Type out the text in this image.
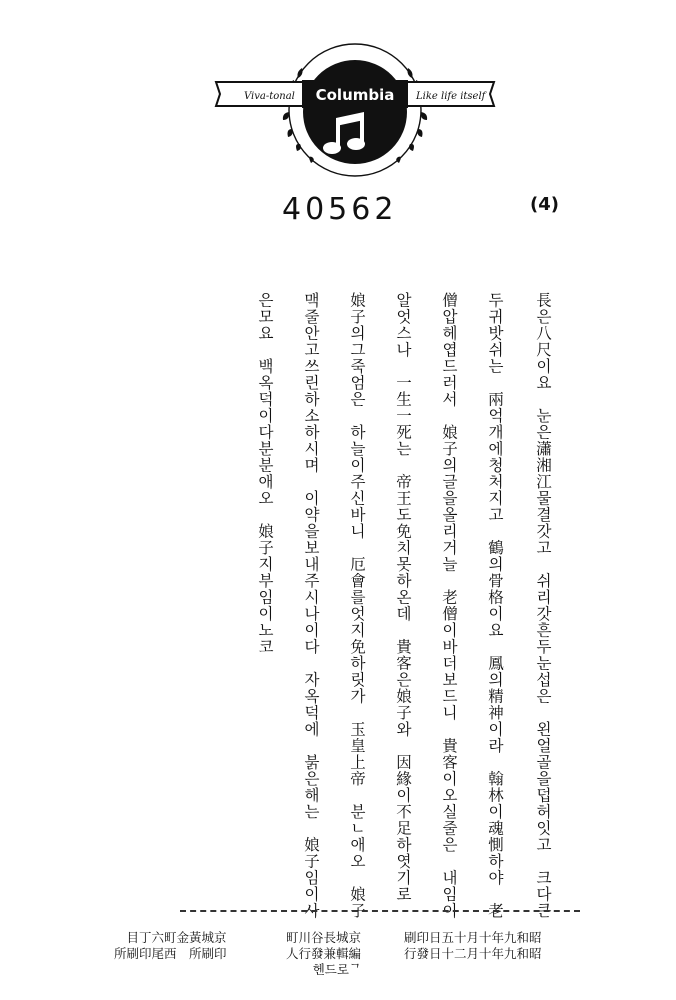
Viva-tonal Columbia Like life itself
40562	(4)
長은八尺이요　눈은瀟湘江물결갓고　쉬리갓흔두눈섭은　왼얼골을덥허잇고　크다큰
두귀밧쉬는　兩억개에청처지고　鶴의骨格이요　鳳의精神이라　翰林이魂惻하야　老
僧압헤엽드러서　娘子의글을올리거늘　老僧이바더보드니　貴客이오실줄은　내임이
알엇스나　一生一死는　帝王도免치못하온데　貴客은娘子와　因緣이不足하엿기로
娘子의그죽엄은　하늘이주신바니　厄會를엇지免하릿가　玉皇上帝　분ㄴ애오　娘子
맥줄안고쓰린하소하시며　이약을보내주시나이다　자옥덕에　붉은해는　娘子임이사
은모요　백옥덕이다분분애오　娘子지부임이노코
京城黃金町六丁目
印刷所　西尾印刷所
京城長谷川町
編輯兼發行人
ᄀ로드헨
昭和九年十月十五日印刷
昭和九年十月二十日發行
